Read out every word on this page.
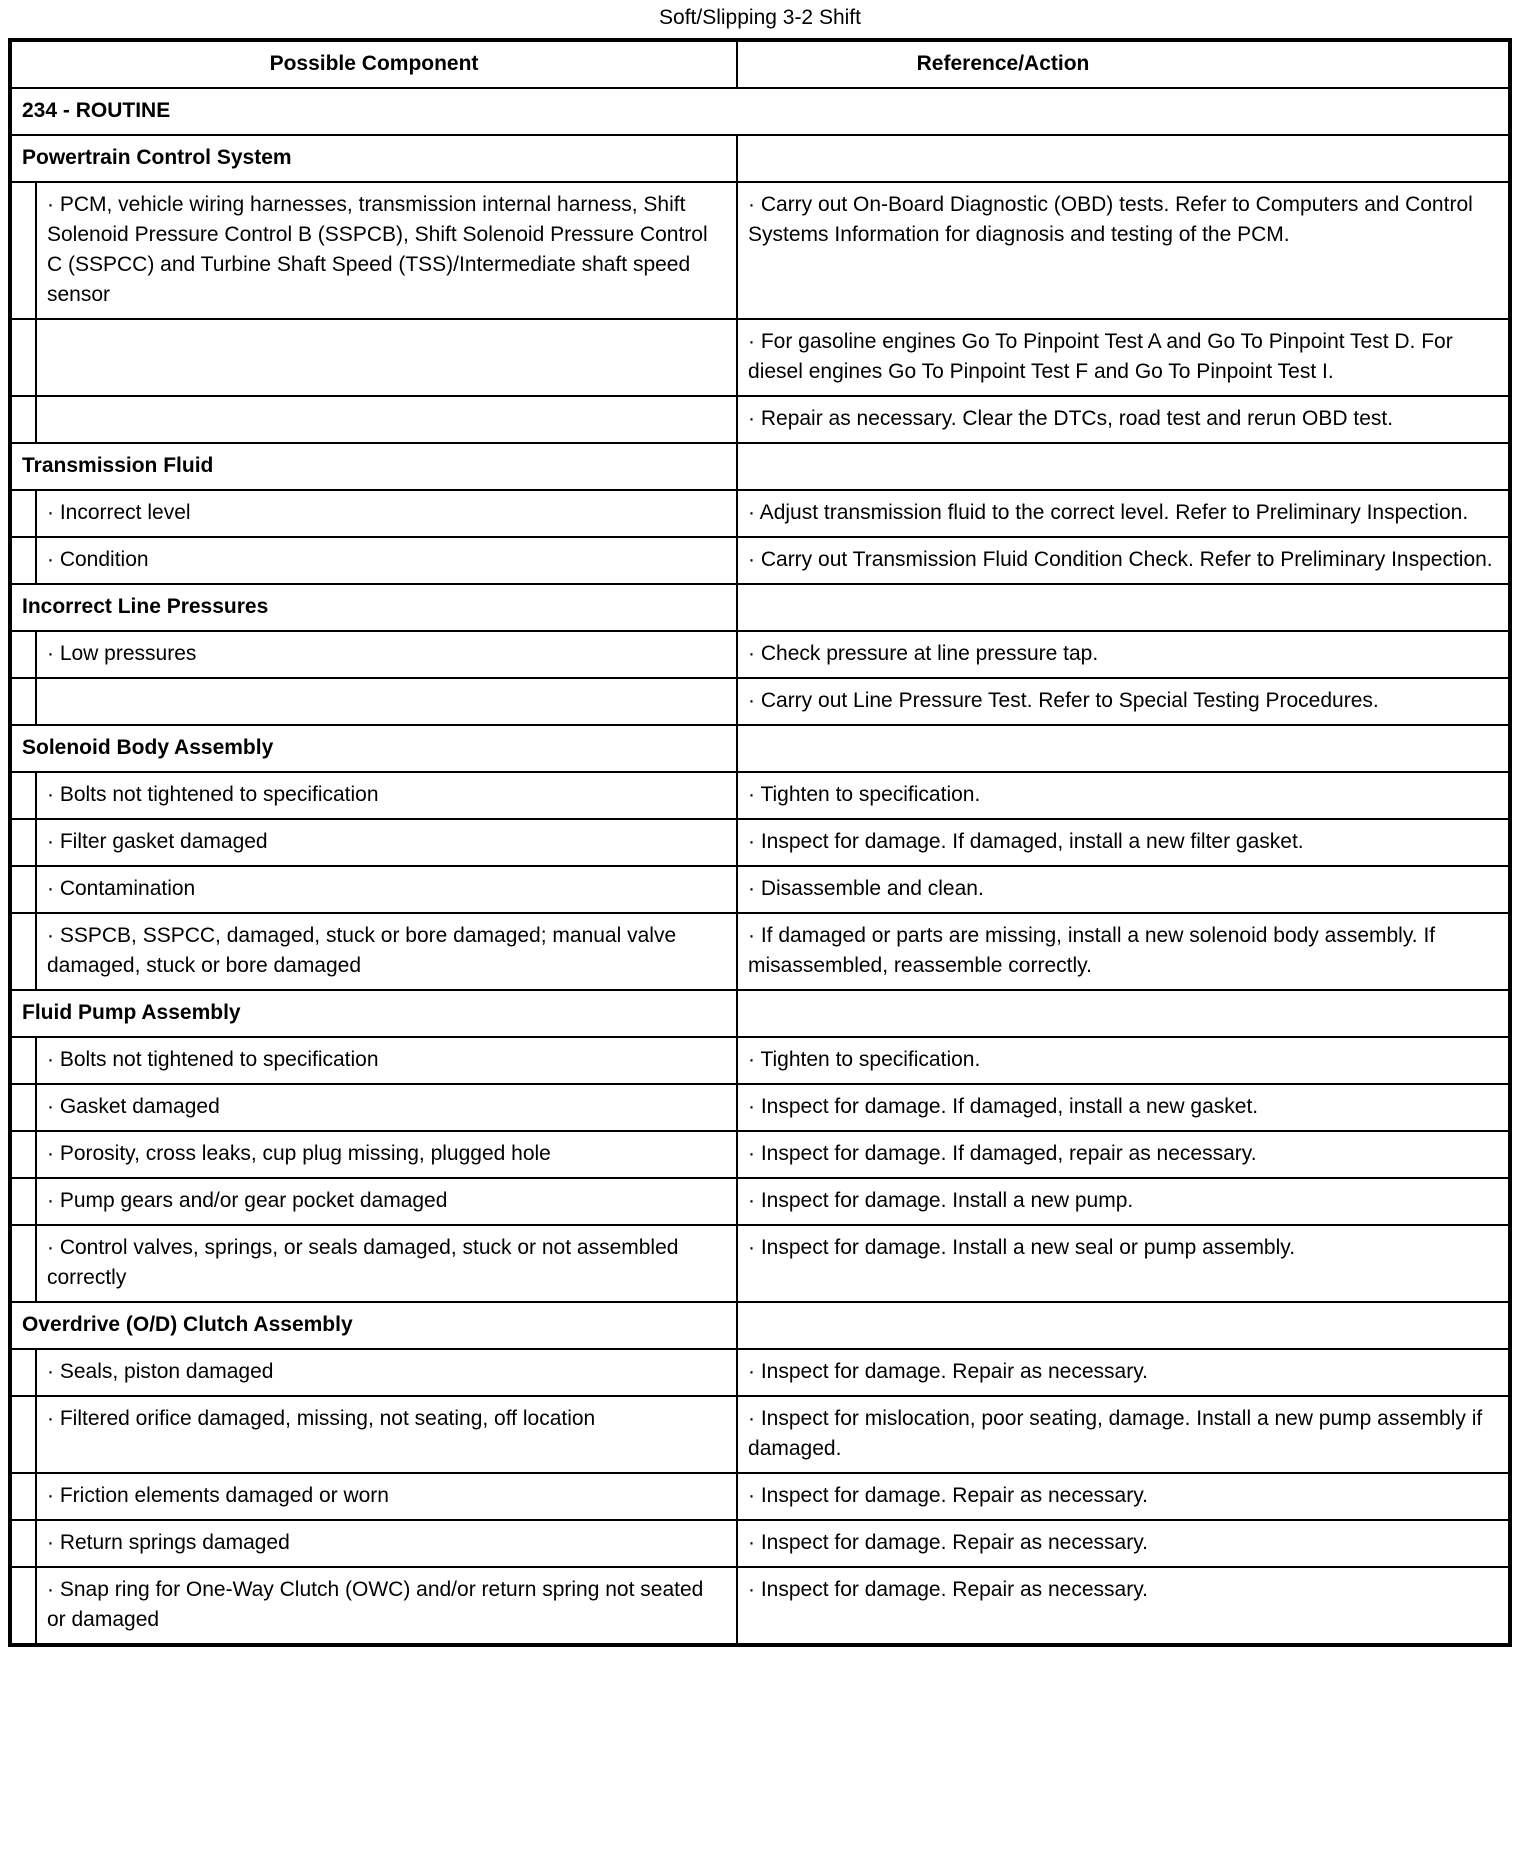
Soft/Slipping 3-2 Shift
Possible Component		Reference/Action
234 - ROUTINE		
Powertrain Control System		
	· PCM, vehicle wiring harnesses, transmission internal harness, Shift Solenoid Pressure Control B (SSPCB), Shift Solenoid Pressure Control C (SSPCC) and Turbine Shaft Speed (TSS)/Intermediate shaft speed sensor	· Carry out On-Board Diagnostic (OBD) tests. Refer to Computers and Control Systems Information for diagnosis and testing of the PCM.
		· For gasoline engines Go To Pinpoint Test A and Go To Pinpoint Test D. For diesel engines Go To Pinpoint Test F and Go To Pinpoint Test I.
		· Repair as necessary. Clear the DTCs, road test and rerun OBD test.
Transmission Fluid		
	· Incorrect level	· Adjust transmission fluid to the correct level. Refer to Preliminary Inspection.
	· Condition	· Carry out Transmission Fluid Condition Check. Refer to Preliminary Inspection.
Incorrect Line Pressures		
	· Low pressures	· Check pressure at line pressure tap.
		· Carry out Line Pressure Test. Refer to Special Testing Procedures.
Solenoid Body Assembly		
	· Bolts not tightened to specification	· Tighten to specification.
	· Filter gasket damaged	· Inspect for damage. If damaged, install a new filter gasket.
	· Contamination	· Disassemble and clean.
	· SSPCB, SSPCC, damaged, stuck or bore damaged; manual valve damaged, stuck or bore damaged	· If damaged or parts are missing, install a new solenoid body assembly. If misassembled, reassemble correctly.
Fluid Pump Assembly		
	· Bolts not tightened to specification	· Tighten to specification.
	· Gasket damaged	· Inspect for damage. If damaged, install a new gasket.
	· Porosity, cross leaks, cup plug missing, plugged hole	· Inspect for damage. If damaged, repair as necessary.
	· Pump gears and/or gear pocket damaged	· Inspect for damage. Install a new pump.
	· Control valves, springs, or seals damaged, stuck or not assembled correctly	· Inspect for damage. Install a new seal or pump assembly.
Overdrive (O/D) Clutch Assembly		
	· Seals, piston damaged	· Inspect for damage. Repair as necessary.
	· Filtered orifice damaged, missing, not seating, off location	· Inspect for mislocation, poor seating, damage. Install a new pump assembly if damaged.
	· Friction elements damaged or worn	· Inspect for damage. Repair as necessary.
	· Return springs damaged	· Inspect for damage. Repair as necessary.
	· Snap ring for One-Way Clutch (OWC) and/or return spring not seated or damaged	· Inspect for damage. Repair as necessary.
